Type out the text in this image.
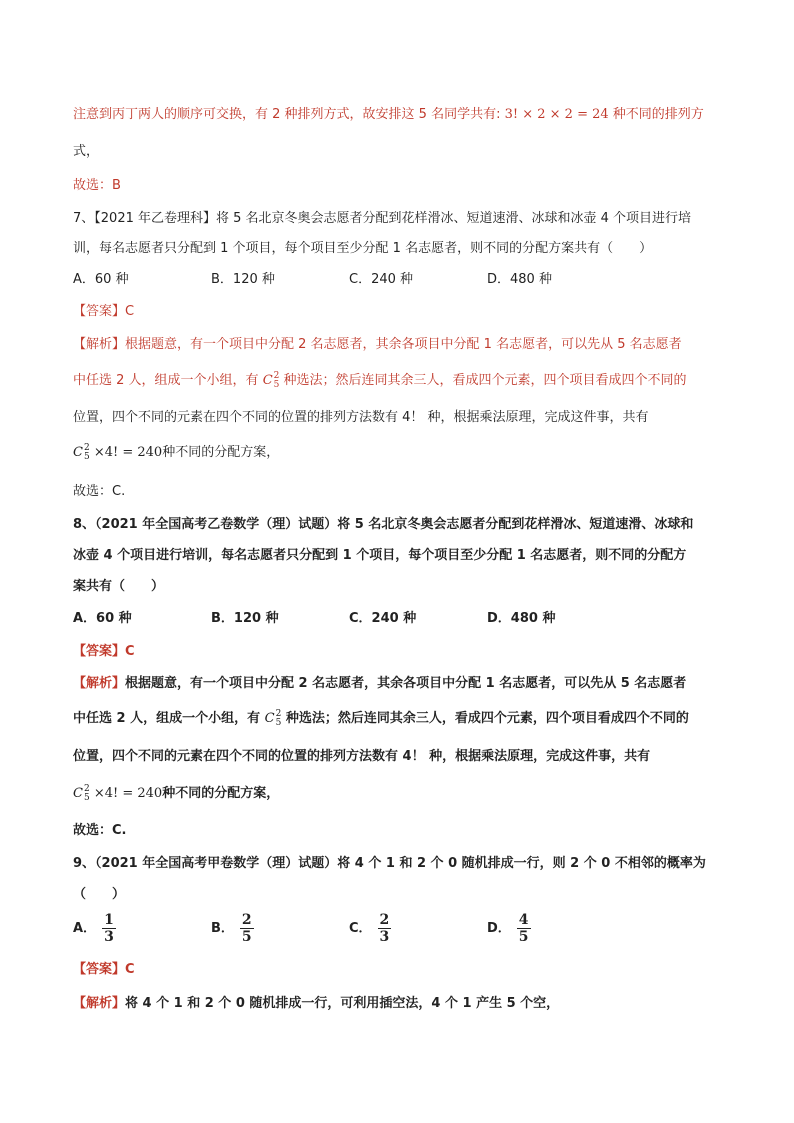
注意到丙丁两人的顺序可交换，有 2 种排列方式，故安排这 5 名同学共有: 3! × 2 × 2 = 24 种不同的排列方
式，
故选：B
7、【2021 年乙卷理科】将 5 名北京冬奥会志愿者分配到花样滑冰、短道速滑、冰球和冰壶 4 个项目进行培
训，每名志愿者只分配到 1 个项目，每个项目至少分配 1 名志愿者，则不同的分配方案共有（　　）
A．60 种	B．120 种	C．240 种	D．480 种
【答案】C
【解析】根据题意，有一个项目中分配 2 名志愿者，其余各项目中分配 1 名志愿者，可以先从 5 名志愿者
中任选 2 人，组成一个小组，有 C 2
5 种选法；然后连同其余三人，看成四个元素，四个项目看成四个不同的
位置，四个不同的元素在四个不同的位置的排列方法数有 4！ 种，根据乘法原理，完成这件事，共有
C 2
5 ×4! = 240种不同的分配方案，
故选：C.
8、（2021 年全国高考乙卷数学（理）试题）将 5 名北京冬奥会志愿者分配到花样滑冰、短道速滑、冰球和
冰壶 4 个项目进行培训，每名志愿者只分配到 1 个项目，每个项目至少分配 1 名志愿者，则不同的分配方
案共有（　　）
A．60 种	B．120 种	C．240 种	D．480 种
【答案】C
【解析】根据题意，有一个项目中分配 2 名志愿者，其余各项目中分配 1 名志愿者，可以先从 5 名志愿者
中任选 2 人，组成一个小组，有 C 2
5 种选法；然后连同其余三人，看成四个元素，四个项目看成四个不同的
位置，四个不同的元素在四个不同的位置的排列方法数有 4！ 种，根据乘法原理，完成这件事，共有
C 2
5 ×4! = 240种不同的分配方案，
故选：C.
9、（2021 年全国高考甲卷数学（理）试题）将 4 个 1 和 2 个 0 随机排成一行，则 2 个 0 不相邻的概率为
（　　）
A． $\frac{1}{3}$	B． $\frac{2}{5}$	C． $\frac{2}{3}$	D． $\frac{4}{5}$
【答案】C
【解析】将 4 个 1 和 2 个 0 随机排成一行，可利用插空法，4 个 1 产生 5 个空，
